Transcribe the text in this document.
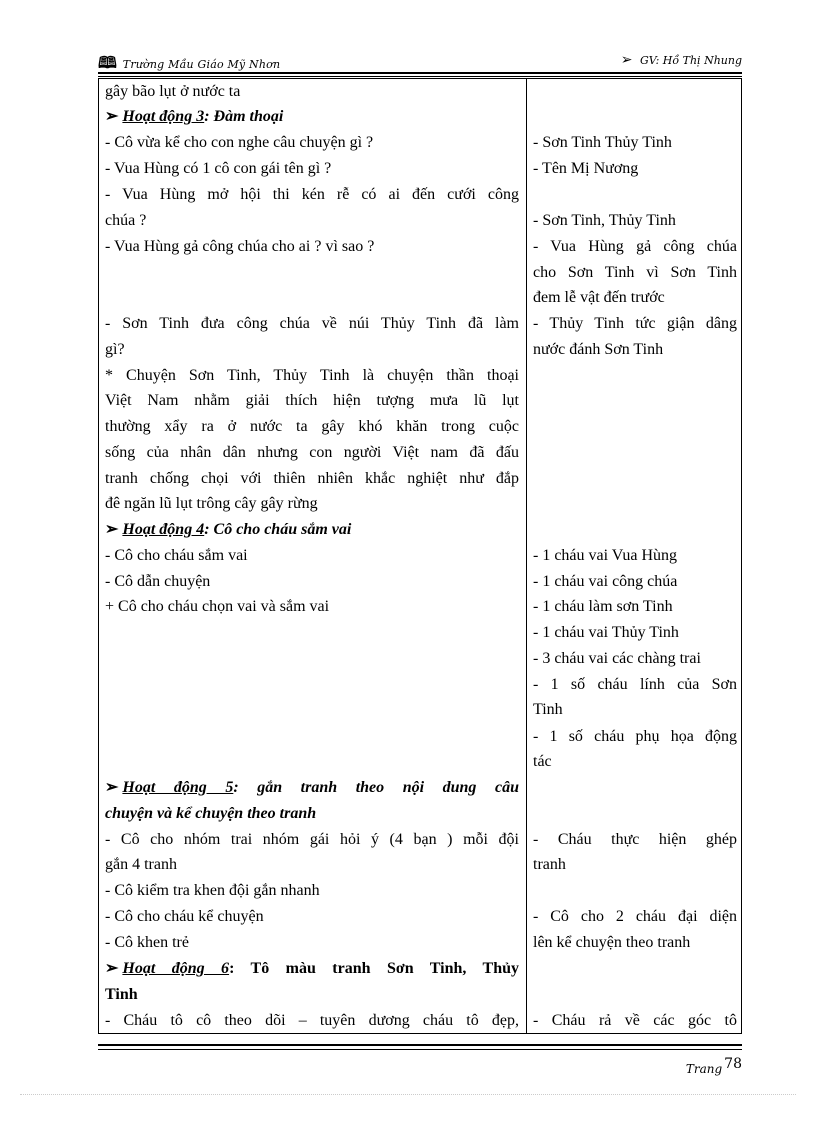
🕮 Trường Mầu Giáo Mỹ Nhơn	➢ GV: Hồ Thị Nhung
gây bão lụt ở nước ta
➢ Hoạt động 3: Đàm thoại
- Cô vừa kể cho con nghe câu chuyện gì ?
- Vua Hùng có 1 cô con gái tên gì ?
- Vua Hùng mở hội thi kén rễ có ai đến cưới công
chúa ?
- Vua Hùng gả công chúa cho ai ? vì sao ?
- Sơn Tinh đưa công chúa về núi Thủy Tinh đã làm
gì?
* Chuyện Sơn Tinh, Thủy Tinh là chuyện thần thoại
Việt Nam nhằm giải thích hiện tượng mưa lũ lụt
thường xẩy ra ở nước ta gây khó khăn trong cuộc
sống của nhân dân nhưng con người Việt nam đã đấu
tranh chống chọi với thiên nhiên khắc nghiệt như đắp
đê ngăn lũ lụt trông cây gây rừng
➢ Hoạt động 4: Cô cho cháu sắm vai
- Cô cho cháu sắm vai
- Cô dẫn chuyện
+ Cô cho cháu chọn vai và sắm vai
➢ Hoạt động 5: gắn tranh theo nội dung câu
chuyện và kể chuyện theo tranh
- Cô cho nhóm trai nhóm gái hỏi ý (4 bạn ) mỗi đội
gắn 4 tranh
- Cô kiểm tra khen đội gắn nhanh
- Cô cho cháu kể chuyện
- Cô khen trẻ
➢ Hoạt động 6: Tô màu tranh Sơn Tinh, Thủy
Tinh
- Cháu tô cô theo dõi – tuyên dương cháu tô đẹp,
- Sơn Tinh Thủy Tinh
- Tên Mị Nương
- Sơn Tinh, Thủy Tinh
- Vua Hùng gả công chúa
cho Sơn Tinh vì Sơn Tinh
đem lễ vật đến trước
- Thủy Tinh tức giận dâng
nước đánh Sơn Tinh
- 1 cháu vai Vua Hùng
- 1 cháu vai công chúa
- 1 cháu làm sơn Tinh
- 1 cháu vai Thủy Tinh
- 3 cháu vai các chàng trai
- 1 số cháu lính của Sơn
Tinh
- 1 số cháu phụ họa động
tác
- Cháu thực hiện ghép
tranh
- Cô cho 2 cháu đại diện
lên kể chuyện theo tranh
- Cháu rả về các góc tô
Trang 78
